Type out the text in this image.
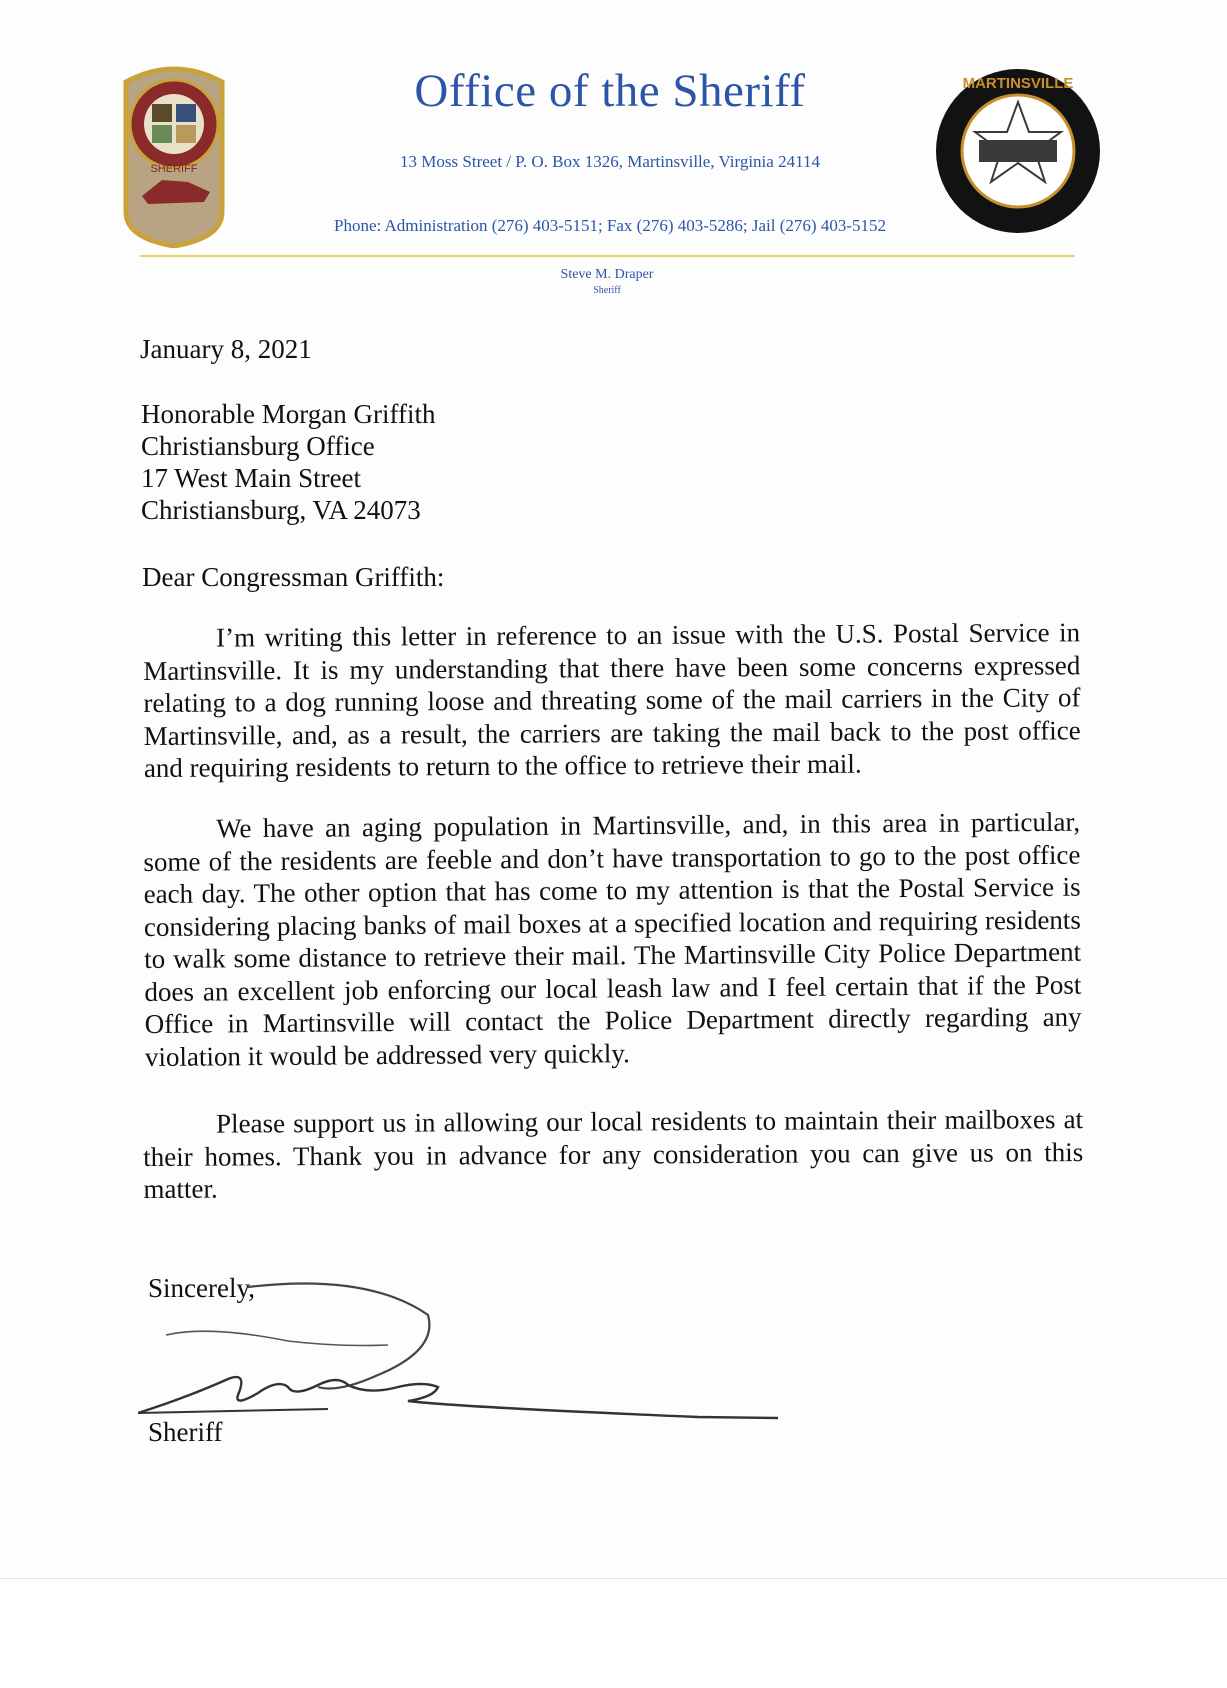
SHERIFF
MARTINSVILLE
Office of the Sheriff
13 Moss Street / P. O. Box 1326, Martinsville, Virginia 24114
Phone: Administration (276) 403-5151; Fax (276) 403-5286; Jail (276) 403-5152
Steve M. Draper
Sheriff
January 8, 2021
Honorable Morgan Griffith
Christiansburg Office
17 West Main Street
Christiansburg, VA 24073
Dear Congressman Griffith:

I’m writing this letter in reference to an issue with the U.S. Postal Service in Martinsville. It is my understanding that there have been some concerns expressed relating to a dog running loose and threating some of the mail carriers in the City of Martinsville, and, as a result, the carriers are taking the mail back to the post office and requiring residents to return to the office to retrieve their mail.

We have an aging population in Martinsville, and, in this area in particular, some of the residents are feeble and don’t have transportation to go to the post office each day. The other option that has come to my attention is that the Postal Service is considering placing banks of mail boxes at a specified location and requiring residents to walk some distance to retrieve their mail. The Martinsville City Police Department does an excellent job enforcing our local leash law and I feel certain that if the Post Office in Martinsville will contact the Police Department directly regarding any violation it would be addressed very quickly.

Please support us in allowing our local residents to maintain their mailboxes at their homes. Thank you in advance for any consideration you can give us on this matter.

Sincerely,
Sheriff
